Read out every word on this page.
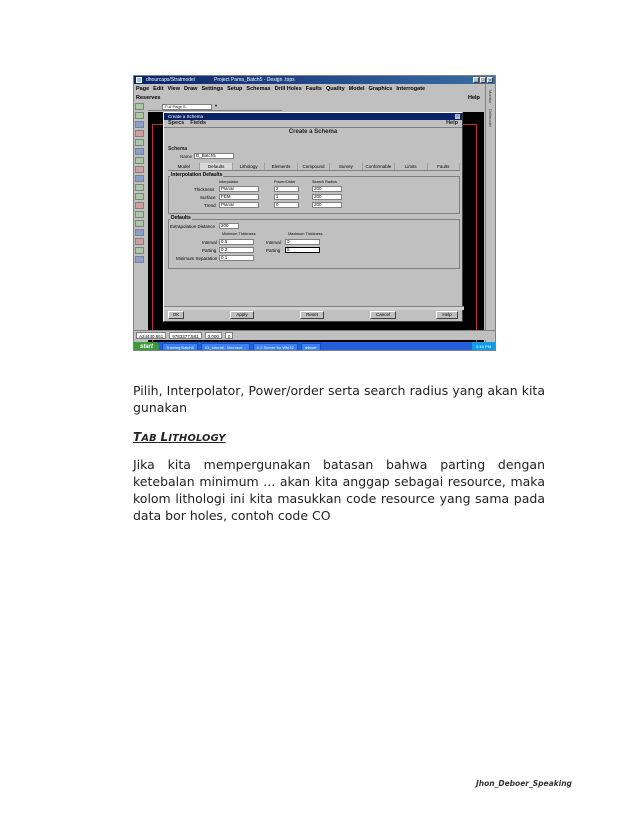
dhourcaps/Stratmodel	Project Pama_Batch5 - Design .tops	_	□	×
Page Edit View Draw Settings Setup Schemas Drill Holes Faults Quality Model Graphics Interrogate
Reserves	Help Monitor
Drillmodel
Full Page S. ▼
Create a Schema	×
Specs Fields	Help
Create a Schema
Schema
Name D_Batch5
Model	Defaults	Lithology	Elements	Compound	Survey	Conformable	Limits	Faults
Interpolation Defaults
Interpolator	Power/Order	Search Radius
Thickness	Planar ▼	2	200
Surface	FEM ▼	1	200
Trend	Planar ▼	0	200
Defaults
Extrapolation Distance	200
Minimum Thickness	Maximum Thickness
Interval 0.5	Interval	0
Parting	0.2	Parting	5
Minimum Separation 0.1
OK	Apply	Reset	Cancel	Help
A24440.651	9783377.581	0.000	0
start	Training Batch5	03_tutorial - Microsof...	X 2 Server for Win32	ddsser	5:16 PM

Pilih, Interpolator, Power/order serta search radius yang akan kita gunakan

TAB LITHOLOGY

Jika kita mempergunakan batasan bahwa parting dengan ketebalan minimum ... akan kita anggap sebagai resource, maka kolom lithologi ini kita masukkan code resource yang sama pada data bor holes, contoh code CO

Jhon_Deboer_Speaking
